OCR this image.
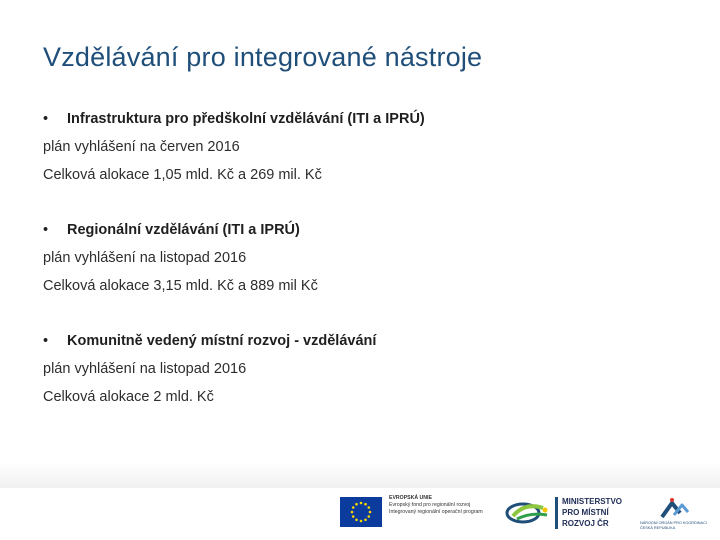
Vzdělávání pro integrované nástroje
• Infrastruktura pro předškolní vzdělávání (ITI a IPRÚ)
plán vyhlášení na červen 2016
Celková alokace 1,05 mld. Kč a 269 mil. Kč
• Regionální vzdělávání (ITI a IPRÚ)
plán vyhlášení na listopad 2016
Celková alokace 3,15 mld. Kč a 889 mil Kč
• Komunitně vedený místní rozvoj - vzdělávání
plán vyhlášení na listopad 2016
Celková alokace 2 mld. Kč
EVROPSKÁ UNIE
Evropský fond pro regionální rozvoj
Integrovaný regionální operační program
MINISTERSTVO
PRO MÍSTNÍ
ROZVOJ ČR	NÁRODNÍ ORGÁN PRO KOORDINACI
ČESKÁ REPUBLIKA
